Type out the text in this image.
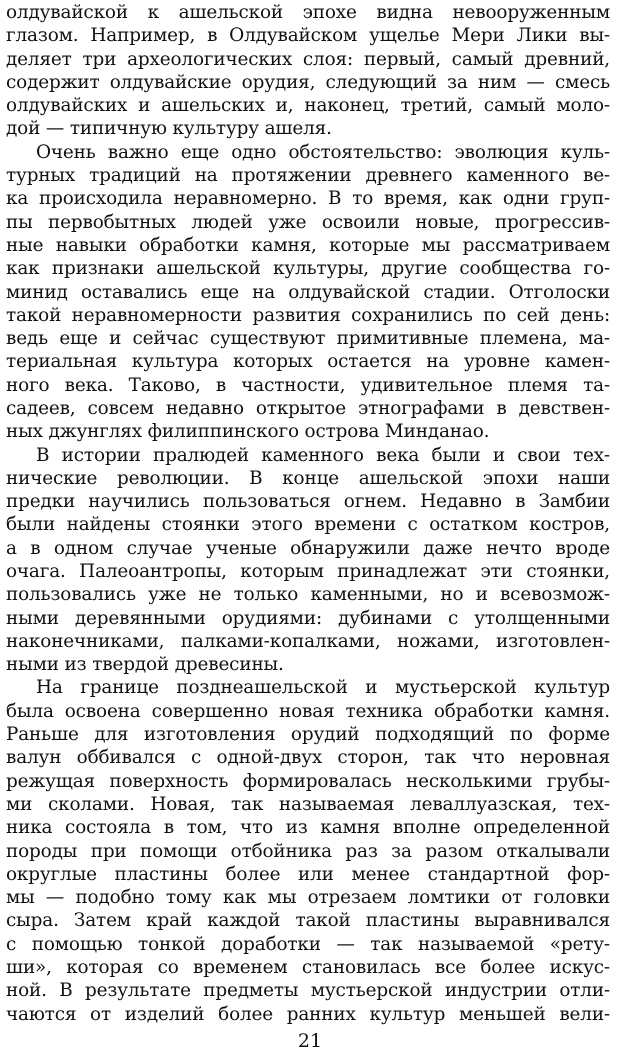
олдувайской к ашельской эпохе видна невооруженным
глазом. Например, в Олдувайском ущелье Мери Лики вы-
деляет три археологических слоя: первый, самый древний,
содержит олдувайские орудия, следующий за ним — смесь
олдувайских и ашельских и, наконец, третий, самый моло-
дой — типичную культуру ашеля.
Очень важно еще одно обстоятельство: эволюция куль-
турных традиций на протяжении древнего каменного ве-
ка происходила неравномерно. В то время, как одни груп-
пы первобытных людей уже освоили новые, прогрессив-
ные навыки обработки камня, которые мы рассматриваем
как признаки ашельской культуры, другие сообщества го-
минид оставались еще на олдувайской стадии. Отголоски
такой неравномерности развития сохранились по сей день:
ведь еще и сейчас существуют примитивные племена, ма-
териальная культура которых остается на уровне камен-
ного века. Таково, в частности, удивительное племя та-
садеев, совсем недавно открытое этнографами в девствен-
ных джунглях филиппинского острова Минданао.
В истории пралюдей каменного века были и свои тех-
нические революции. В конце ашельской эпохи наши
предки научились пользоваться огнем. Недавно в Замбии
были найдены стоянки этого времени с остатком костров,
а в одном случае ученые обнаружили даже нечто вроде
очага. Палеоантропы, которым принадлежат эти стоянки,
пользовались уже не только каменными, но и всевозмож-
ными деревянными орудиями: дубинами с утолщенными
наконечниками, палками-копалками, ножами, изготовлен-
ными из твердой древесины.
На границе позднеашельской и мустьерской культур
была освоена совершенно новая техника обработки камня.
Раньше для изготовления орудий подходящий по форме
валун оббивался с одной-двух сторон, так что неровная
режущая поверхность формировалась несколькими грубы-
ми сколами. Новая, так называемая леваллуазская, тех-
ника состояла в том, что из камня вполне определенной
породы при помощи отбойника раз за разом откалывали
округлые пластины более или менее стандартной фор-
мы — подобно тому как мы отрезаем ломтики от головки
сыра. Затем край каждой такой пластины выравнивался
с помощью тонкой доработки — так называемой «рету-
ши», которая со временем становилась все более искус-
ной. В результате предметы мустьерской индустрии отли-
чаются от изделий более ранних культур меньшей вели-
21
